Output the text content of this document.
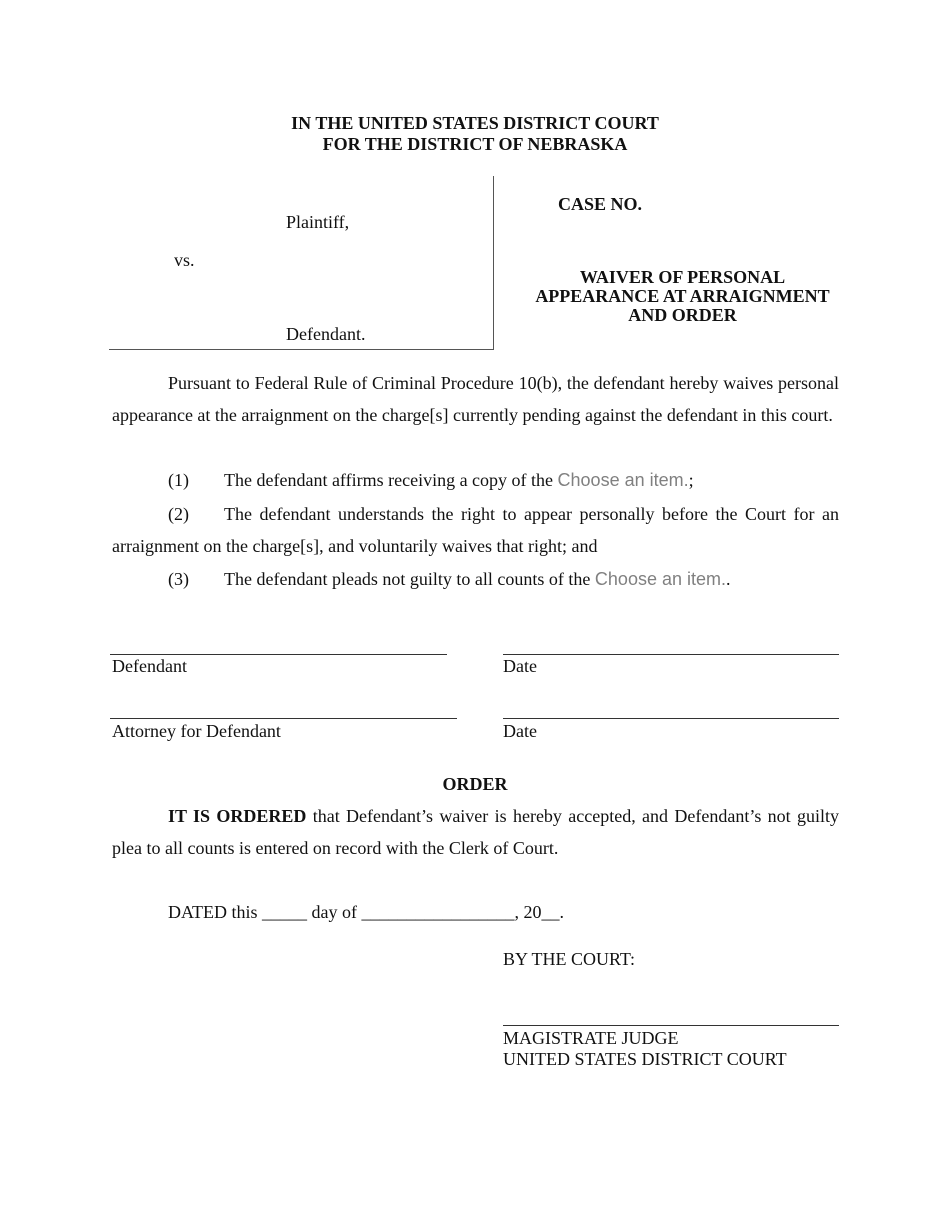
IN THE UNITED STATES DISTRICT COURT
FOR THE DISTRICT OF NEBRASKA
Plaintiff,
vs.
Defendant.
CASE NO.
WAIVER OF PERSONAL
APPEARANCE AT ARRAIGNMENT
AND ORDER
Pursuant to Federal Rule of Criminal Procedure 10(b), the defendant hereby waives personal appearance at the arraignment on the charge[s] currently pending against the defendant in this court.
(1) The defendant affirms receiving a copy of the Choose an item.;
(2) The defendant understands the right to appear personally before the Court for an arraignment on the charge[s], and voluntarily waives that right; and
(3) The defendant pleads not guilty to all counts of the Choose an item..
Defendant	Date
Attorney for Defendant	Date
ORDER
IT IS ORDERED that Defendant’s waiver is hereby accepted, and Defendant’s not guilty plea to all counts is entered on record with the Clerk of Court.
DATED this _____ day of _________________, 20__.
BY THE COURT:
MAGISTRATE JUDGE
UNITED STATES DISTRICT COURT
